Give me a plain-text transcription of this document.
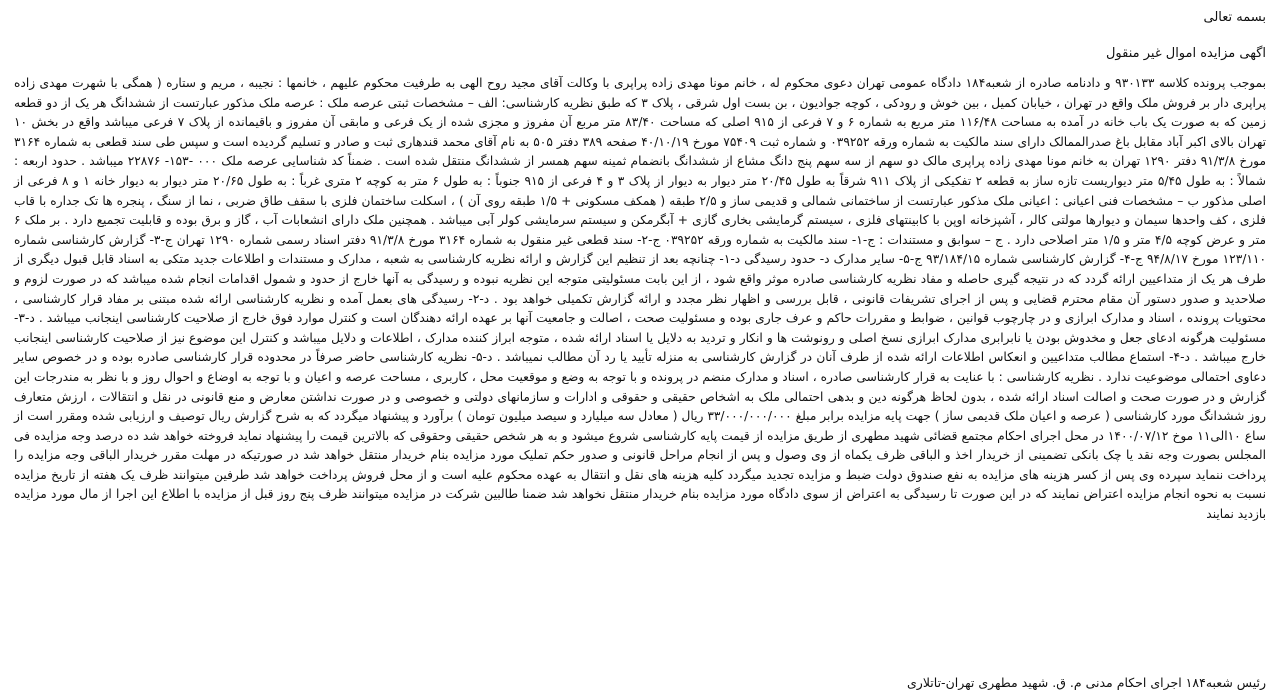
بسمه تعالی

اگهی مزایده اموال غیر منقول

بموجب پرونده کلاسه ۹۳۰۱۳۳ و دادنامه صادره از شعبه۱۸۴ دادگاه عمومی تهران دعوی محکوم له ، خانم مونا مهدی زاده پراپری با وکالت آقای مجید روح الهی به طرفیت محکوم علیهم ، خانمها : نجیبه ، مریم و ستاره ( همگی با شهرت مهدی زاده پراپری دار بر فروش ملک واقع در تهران ، خیابان کمیل ، بین خوش و رودکی ، کوچه جوادیون ، بن بست اول شرقی ، پلاک ۳ که طبق نظریه کارشناسی: الف – مشخصات ثبتی عرصه ملک : عرصه ملک مذکور عبارتست از ششدانگ هر یک از دو قطعه زمین که به صورت یک باب خانه در آمده به مساحت ۱۱۶/۴۸ متر مربع به شماره ۶ و ۷ فرعی از ۹۱۵ اصلی که مساحت ۸۳/۴۰ متر مربع آن مفروز و مجزی شده از یک فرعی و مابقی آن مفروز و باقیمانده از پلاک ۷ فرعی میباشد واقع در بخش ۱۰ تهران بالای اکبر آباد مقابل باغ صدرالممالک دارای سند مالکیت به شماره ورقه ۰۳۹۲۵۲ و شماره ثبت ۷۵۴۰۹ مورخ ۴۰/۱۰/۱۹ صفحه ۳۸۹ دفتر ۵۰۵ به نام آقای محمد قندهاری ثبت و صادر و تسلیم گردیده است و سپس طی سند قطعی به شماره ۳۱۶۴ مورخ ۹۱/۳/۸ دفتر ۱۲۹۰ تهران به خانم مونا مهدی زاده پراپری مالک دو سهم از سه سهم پنج دانگ مشاع از ششدانگ بانضمام ثمینه سهم همسر از ششدانگ منتقل شده است . ضمناً کد شناسایی عرصه ملک ۰۰۰ -۱۵۳- ۲۲۸۷۶ میباشد . حدود اربعه : شمالاً : به طول ۵/۴۵ متر دیواریست تازه ساز به قطعه ۲ تفکیکی از پلاک ۹۱۱ شرقاً به طول ۲۰/۴۵ متر دیوار به دیوار از پلاک ۳ و ۴ فرعی از ۹۱۵ جنوباً : به طول ۶ متر به کوچه ۲ متری غرباً : به طول ۲۰/۶۵ متر دیوار به دیوار خانه ۱ و ۸ فرعی از اصلی مذکور ب – مشخصات فنی اعیانی : اعیانی ملک مذکور عبارتست از ساختمانی شمالی و قدیمی ساز و ۲/۵ طبقه ( همکف مسکونی + ۱/۵ طبقه روی آن ) ، اسکلت ساختمان فلزی با سقف طاق ضربی ، نما از سنگ ، پنجره ها تک جداره با قاب فلزی ، کف واحدها سیمان و دیوارها مولتی کالر ، آشپزخانه اوپن با کابینتهای فلزی ، سیستم گرمایشی بخاری گازی + آبگرمکن و سیستم سرمایشی کولر آبی میباشد . همچنین ملک دارای انشعابات آب ، گاز و برق بوده و قابلیت تجمیع دارد . بر ملک ۶ متر و عرض کوچه ۴/۵ متر و ۱/۵ متر اصلاحی دارد . ج – سوابق و مستندات : ج-۱- سند مالکیت به شماره ورقه ۰۳۹۲۵۲ ج-۲- سند قطعی غیر منقول به شماره ۳۱۶۴ مورخ ۹۱/۳/۸ دفتر اسناد رسمی شماره ۱۲۹۰ تهران ج-۳- گزارش کارشناسی شماره ۱۲۳/۱۱۰ مورخ ۹۴/۸/۱۷ ج-۴- گزارش کارشناسی شماره ۹۳/۱۸۴/۱۵ ج-۵- سایر مدارک د- حدود رسیدگی د-۱- چنانچه بعد از تنظیم این گزارش و ارائه نظریه کارشناسی به شعبه ، مدارک و مستندات و اطلاعات جدید متکی به اسناد قابل قبول دیگری از طرف هر یک از متداعیین ارائه گردد که در نتیجه گیری حاصله و مفاد نظریه کارشناسی صادره موثر واقع شود ، از این بابت مسئولیتی متوجه این نظریه نبوده و رسیدگی به آنها خارج از حدود و شمول اقدامات انجام شده میباشد که در صورت لزوم و صلاحدید و صدور دستور آن مقام محترم قضایی و پس از اجرای تشریفات قانونی ، قابل بررسی و اظهار نظر مجدد و ارائه گزارش تکمیلی خواهد بود . د-۲- رسیدگی های بعمل آمده و نظریه کارشناسی ارائه شده مبتنی بر مفاد قرار کارشناسی ، محتویات پرونده ، اسناد و مدارک ابرازی و در چارچوب قوانین ، ضوابط و مقررات حاکم و عرف جاری بوده و مسئولیت صحت ، اصالت و جامعیت آنها بر عهده ارائه دهندگان است و کنترل موارد فوق خارج از صلاحیت کارشناسی اینجانب میباشد . د-۳- مسئولیت هرگونه ادعای جعل و مخدوش بودن یا نابرابری مدارک ابرازی نسخ اصلی و رونوشت ها و انکار و تردید به دلایل یا اسناد ارائه شده ، متوجه ابراز کننده مدارک ، اطلاعات و دلایل میباشد و کنترل این موضوع نیز از صلاحیت کارشناسی اینجانب خارج میباشد . د-۴- استماع مطالب متداعیین و انعکاس اطلاعات ارائه شده از طرف آنان در گزارش کارشناسی به منزله تأیید یا رد آن مطالب نمیباشد . د-۵- نظریه کارشناسی حاضر صرفاً در محدوده قرار کارشناسی صادره بوده و در خصوص سایر دعاوی احتمالی موضوعیت ندارد . نظریه کارشناسی : با عنایت به قرار کارشناسی صادره ، اسناد و مدارک منضم در پرونده و با توجه به وضع و موقعیت محل ، کاربری ، مساحت عرصه و اعیان و با توجه به اوضاع و احوال روز و با نظر به مندرجات این گزارش و در صورت صحت و اصالت اسناد ارائه شده ، بدون لحاظ هرگونه دین و بدهی احتمالی ملک به اشخاص حقیقی و حقوقی و ادارات و سازمانهای دولتی و خصوصی و در صورت نداشتن معارض و منع قانونی در نقل و انتقالات ، ارزش متعارف روز ششدانگ مورد کارشناسی ( عرصه و اعیان ملک قدیمی ساز ) جهت پایه مزایده برابر مبلغ ۳۳/۰۰۰/۰۰۰/۰۰۰ ریال ( معادل سه میلیارد و سیصد میلیون تومان ) برآورد و پیشنهاد میگردد که به شرح گزارش ریال توصیف و ارزیابی شده ومقرر است از ساع ۱۰الی۱۱ موخ ۱۴۰۰/۰۷/۱۲ در محل اجرای احکام مجتمع قضائی شهید مطهری از طریق مزایده از قیمت پایه کارشناسی شروع میشود و به هر شخص حقیقی وحقوقی که بالاترین قیمت را پیشنهاد نماید فروخته خواهد شد ده درصد وجه مزایده فی المجلس بصورت وجه نقد یا چک بانکی تضمینی از خریدار اخذ و الباقی ظرف یکماه از وی وصول و پس از انجام مراحل قانونی و صدور حکم تملیک مورد مزایده بنام خریدار منتقل خواهد شد در صورتیکه در مهلت مقرر خریدار الباقی وجه مزایده را پرداخت ننماید سپرده وی پس از کسر هزینه های مزایده به نفع صندوق دولت ضبط و مزایده تجدید میگردد کلیه هزینه های نقل و انتقال به عهده محکوم علیه است و از محل فروش پرداخت خواهد شد طرفین میتوانند ظرف یک هفته از تاریخ مزایده نسبت به نحوه انجام مزایده اعتراض نمایند که در این صورت تا رسیدگی به اعتراض از سوی دادگاه مورد مزایده بنام خریدار منتقل نخواهد شد ضمنا طالبین شرکت در مزایده میتوانند ظرف پنج روز قبل از مزایده با اطلاع این اجرا از مال مورد مزایده بازدید نمایند

رئیس شعبه۱۸۴ اجرای احکام مدنی م. ق. شهید مطهری تهران-تاتلاری
